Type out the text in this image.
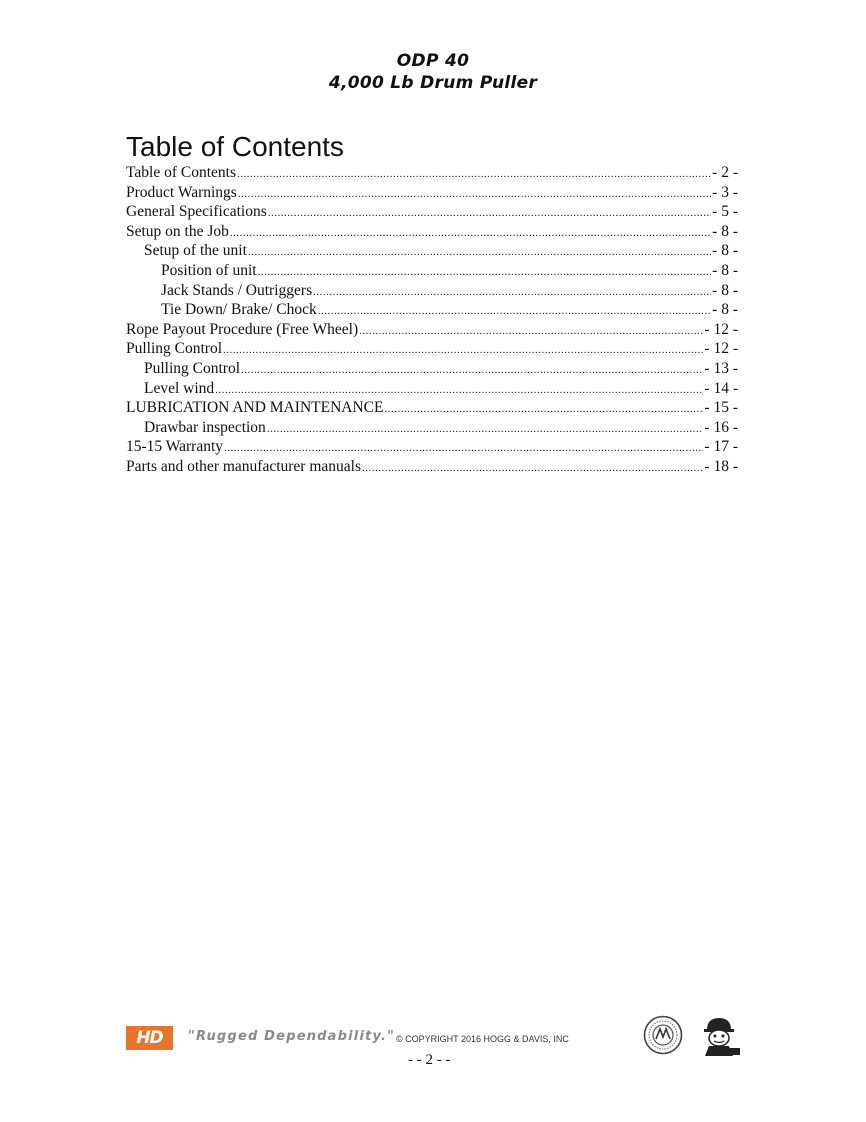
ODP 40
4,000 Lb Drum Puller
Table of Contents
Table of Contents .....	- 2 -
Product Warnings .....	- 3 -
General Specifications .....	- 5 -
Setup on the Job .....	- 8 -
Setup of the unit .....	- 8 -
Position of unit .....	- 8 -
Jack Stands / Outriggers .....	- 8 -
Tie Down/ Brake/ Chock .....	- 8 -
Rope Payout Procedure (Free Wheel) .....	- 12 -
Pulling Control .....	- 12 -
Pulling Control .....	- 13 -
Level wind .....	- 14 -
LUBRICATION AND MAINTENANCE .....	- 15 -
Drawbar inspection .....	- 16 -
15-15 Warranty .....	- 17 -
Parts and other manufacturer manuals .....	- 18 -
HD "Rugged Dependability." © COPYRIGHT 2016 HOGG & DAVIS, INC
- - 2 - -
